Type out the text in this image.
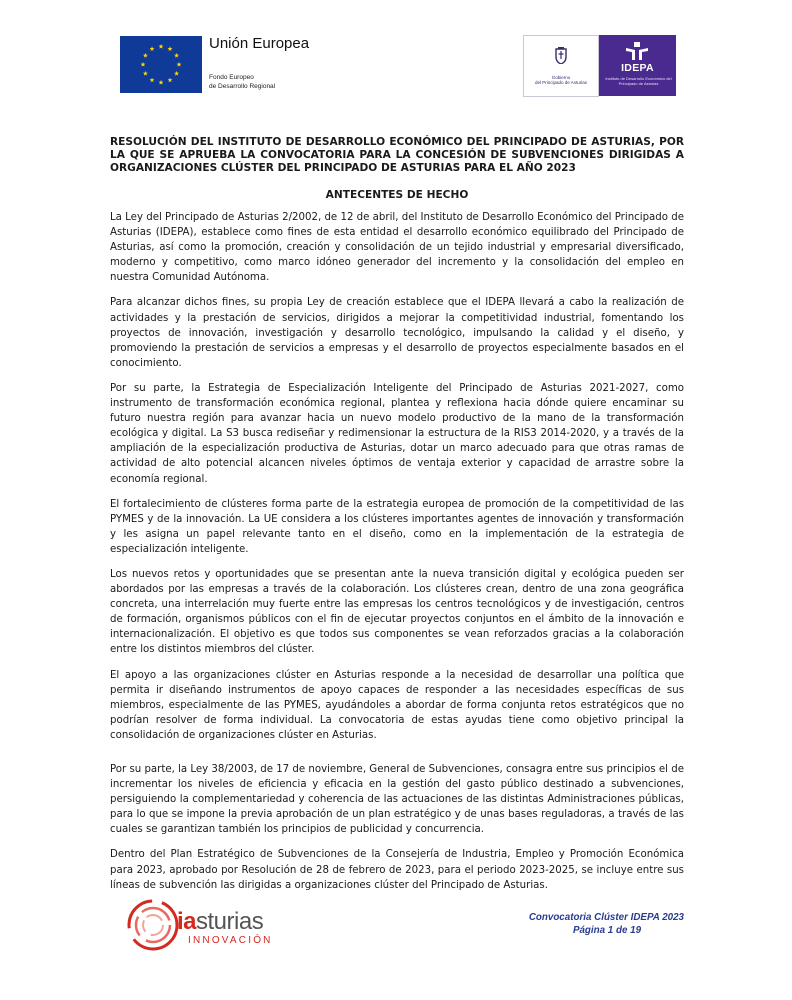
Unión Europea
Fondo Europeo
de Desarrollo Regional
Gobierno
del Principado de Asturias
IDEPA
Instituto de Desarrollo Económico del Principado de Asturias

RESOLUCIÓN DEL INSTITUTO DE DESARROLLO ECONÓMICO DEL PRINCIPADO DE ASTURIAS, POR LA QUE SE APRUEBA LA CONVOCATORIA PARA LA CONCESIÓN DE SUBVENCIONES DIRIGIDAS A ORGANIZACIONES CLÚSTER DEL PRINCIPADO DE ASTURIAS PARA EL AÑO 2023

ANTECENTES DE HECHO

La Ley del Principado de Asturias 2/2002, de 12 de abril, del Instituto de Desarrollo Económico del Principado de Asturias (IDEPA), establece como fines de esta entidad el desarrollo económico equilibrado del Principado de Asturias, así como la promoción, creación y consolidación de un tejido industrial y empresarial diversificado, moderno y competitivo, como marco idóneo generador del incremento y la consolidación del empleo en nuestra Comunidad Autónoma.

Para alcanzar dichos fines, su propia Ley de creación establece que el IDEPA llevará a cabo la realización de actividades y la prestación de servicios, dirigidos a mejorar la competitividad industrial, fomentando los proyectos de innovación, investigación y desarrollo tecnológico, impulsando la calidad y el diseño, y promoviendo la prestación de servicios a empresas y el desarrollo de proyectos especialmente basados en el conocimiento.

Por su parte, la Estrategia de Especialización Inteligente del Principado de Asturias 2021-2027, como instrumento de transformación económica regional, plantea y reflexiona hacia dónde quiere encaminar su futuro nuestra región para avanzar hacia un nuevo modelo productivo de la mano de la transformación ecológica y digital. La S3 busca rediseñar y redimensionar la estructura de la RIS3 2014-2020, y a través de la ampliación de la especialización productiva de Asturias, dotar un marco adecuado para que otras ramas de actividad de alto potencial alcancen niveles óptimos de ventaja exterior y capacidad de arrastre sobre la economía regional.

El fortalecimiento de clústeres forma parte de la estrategia europea de promoción de la competitividad de las PYMES y de la innovación. La UE considera a los clústeres importantes agentes de innovación y transformación y les asigna un papel relevante tanto en el diseño, como en la implementación de la estrategia de especialización inteligente.

Los nuevos retos y oportunidades que se presentan ante la nueva transición digital y ecológica pueden ser abordados por las empresas a través de la colaboración. Los clústeres crean, dentro de una zona geográfica concreta, una interrelación muy fuerte entre las empresas los centros tecnológicos y de investigación, centros de formación, organismos públicos con el fin de ejecutar proyectos conjuntos en el ámbito de la innovación e internacionalización. El objetivo es que todos sus componentes se vean reforzados gracias a la colaboración entre los distintos miembros del clúster.

El apoyo a las organizaciones clúster en Asturias responde a la necesidad de desarrollar una política que permita ir diseñando instrumentos de apoyo capaces de responder a las necesidades específicas de sus miembros, especialmente de las PYMES, ayudándoles a abordar de forma conjunta retos estratégicos que no podrían resolver de forma individual. La convocatoria de estas ayudas tiene como objetivo principal la consolidación de organizaciones clúster en Asturias.

Por su parte, la Ley 38/2003, de 17 de noviembre, General de Subvenciones, consagra entre sus principios el de incrementar los niveles de eficiencia y eficacia en la gestión del gasto público destinado a subvenciones, persiguiendo la complementariedad y coherencia de las actuaciones de las distintas Administraciones públicas, para lo que se impone la previa aprobación de un plan estratégico y de unas bases reguladoras, a través de las cuales se garantizan también los principios de publicidad y concurrencia.

Dentro del Plan Estratégico de Subvenciones de la Consejería de Industria, Empleo y Promoción Económica para 2023, aprobado por Resolución de 28 de febrero de 2023, para el periodo 2023-2025, se incluye entre sus líneas de subvención las dirigidas a organizaciones clúster del Principado de Asturias.

iasturias
INNOVACIÓN
Convocatoria Clúster IDEPA 2023
Página 1 de 19
